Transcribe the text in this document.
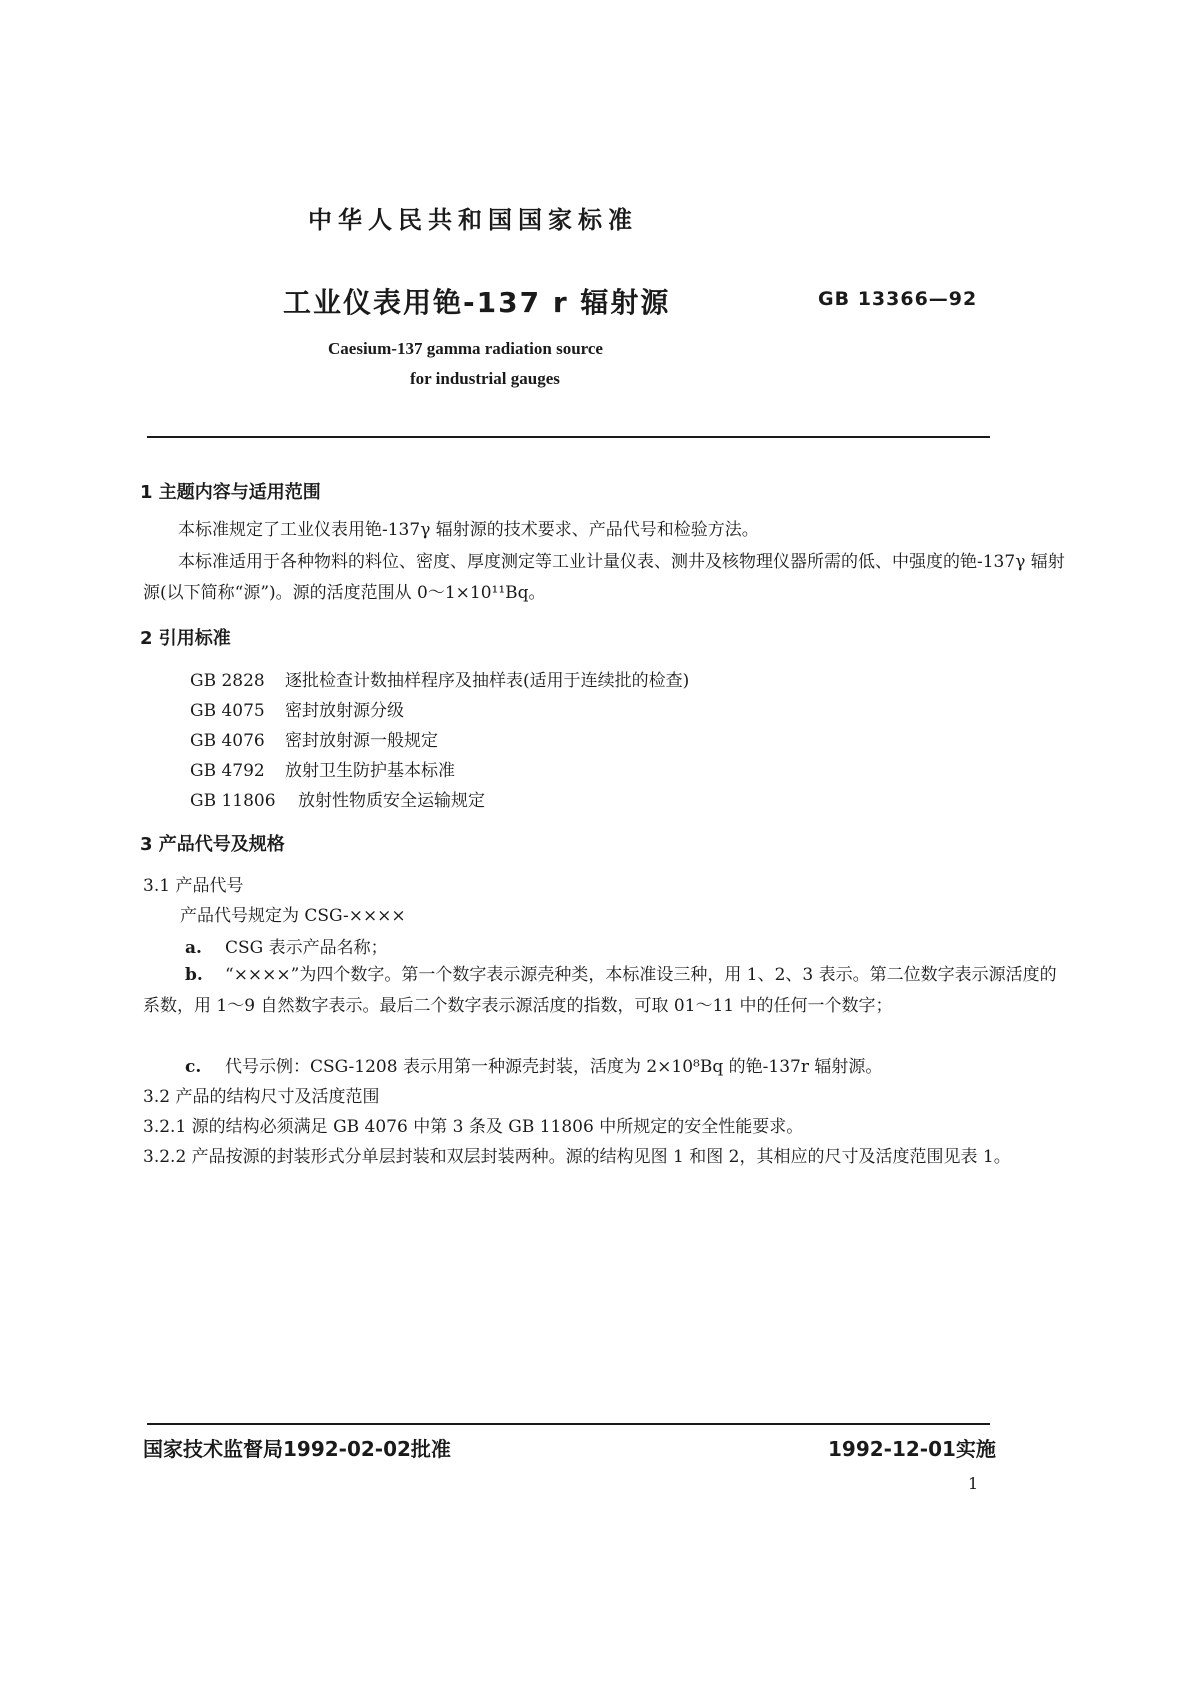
中华人民共和国国家标准
工业仪表用铯-137 r 辐射源	GB 13366—92
Caesium-137 gamma radiation source
for industrial gauges
1 主题内容与适用范围
本标准规定了工业仪表用铯-137γ 辐射源的技术要求、产品代号和检验方法。
本标准适用于各种物料的料位、密度、厚度测定等工业计量仪表、测井及核物理仪器所需的低、中强度的铯-137γ 辐射源(以下简称“源”)。源的活度范围从 0～1×10¹¹Bq。
2 引用标准
GB 2828 逐批检查计数抽样程序及抽样表(适用于连续批的检查)
GB 4075 密封放射源分级
GB 4076 密封放射源一般规定
GB 4792 放射卫生防护基本标准
GB 11806 放射性物质安全运输规定
3 产品代号及规格
3.1 产品代号
产品代号规定为 CSG-××××
a. CSG 表示产品名称；
b. “××××”为四个数字。第一个数字表示源壳种类，本标准设三种，用 1、2、3 表示。第二位数字表示源活度的系数，用 1～9 自然数字表示。最后二个数字表示源活度的指数，可取 01～11 中的任何一个数字；
c. 代号示例：CSG-1208 表示用第一种源壳封装，活度为 2×10⁸Bq 的铯-137r 辐射源。
3.2 产品的结构尺寸及活度范围
3.2.1 源的结构必须满足 GB 4076 中第 3 条及 GB 11806 中所规定的安全性能要求。
3.2.2 产品按源的封装形式分单层封装和双层封装两种。源的结构见图 1 和图 2，其相应的尺寸及活度范围见表 1。
国家技术监督局1992-02-02批准	1992-12-01实施
1
